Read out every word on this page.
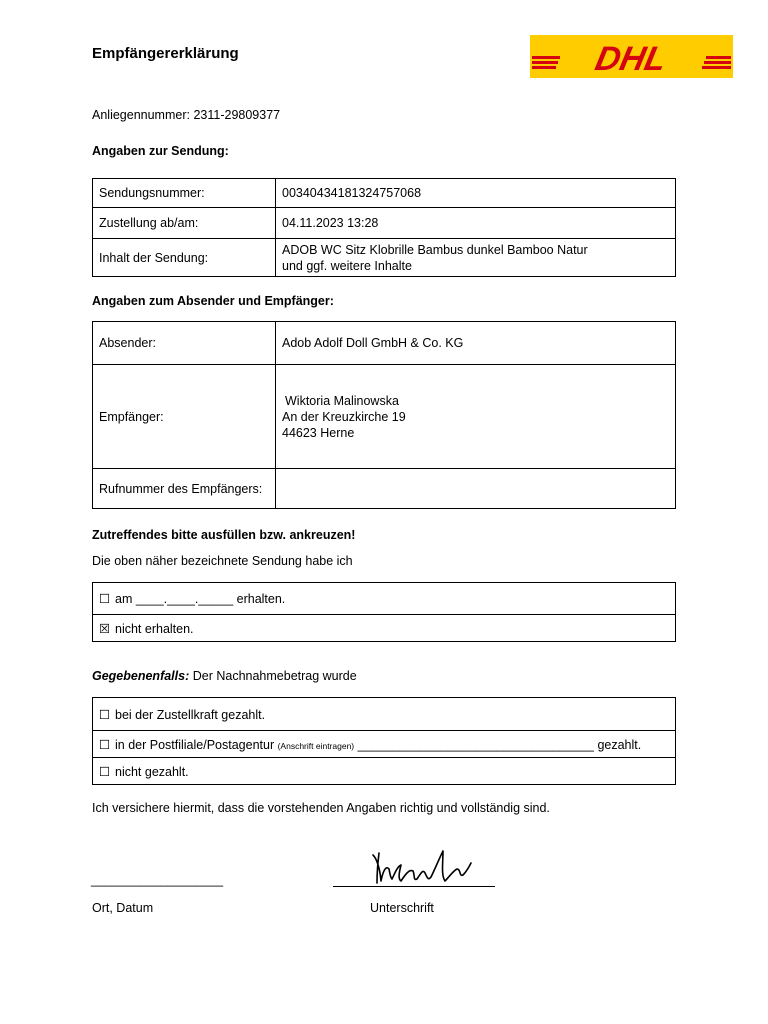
Empfängererklärung	DHL
Anliegennummer: 2311-29809377
Angaben zur Sendung:
Sendungsnummer:	00340434181324757068
Zustellung ab/am:	04.11.2023 13:28
Inhalt der Sendung:	ADOB WC Sitz Klobrille Bambus dunkel Bamboo Natur
und ggf. weitere Inhalte
Angaben zum Absender und Empfänger:
Absender:	Adob Adolf Doll GmbH & Co. KG
Empfänger:	Wiktoria Malinowska
An der Kreuzkirche 19
44623 Herne

Rufnummer des Empfängers:	
Zutreffendes bitte ausfüllen bzw. ankreuzen!
Die oben näher bezeichnete Sendung habe ich
☐ am ____.____._____ erhalten.
☒ nicht erhalten.
Gegebenenfalls: Der Nachnahmebetrag wurde
☐ bei der Zustellkraft gezahlt.
☐ in der Postfiliale/Postagentur (Anschrift eintragen) __________________________________ gezahlt.
☐ nicht gezahlt.
Ich versichere hiermit, dass die vorstehenden Angaben richtig und vollständig sind.
___________________
Ort, Datum	Unterschrift
